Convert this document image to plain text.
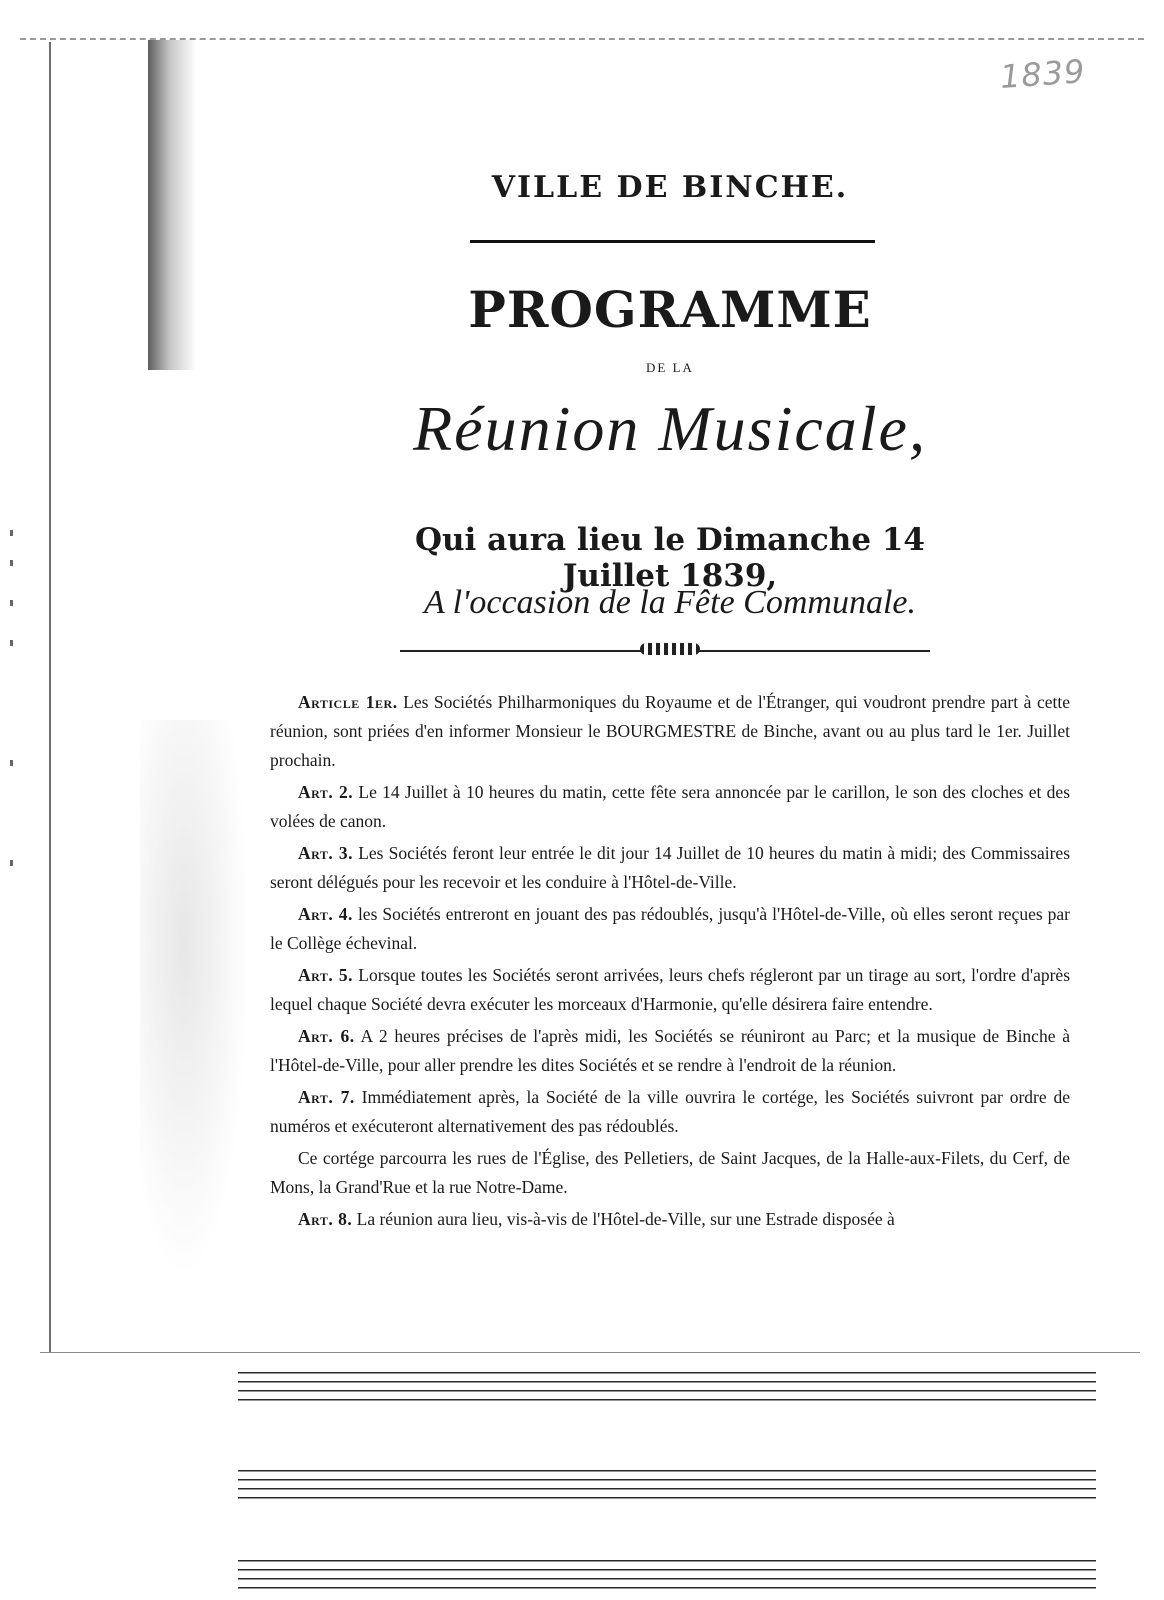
1839
VILLE DE BINCHE.
PROGRAMME
DE LA
Réunion Musicale,
Qui aura lieu le Dimanche 14 Juillet 1839,
A l'occasion de la Fête Communale.

Article 1er. Les Sociétés Philharmoniques du Royaume et de l'Étranger, qui voudront prendre part à cette réunion, sont priées d'en informer Monsieur le BOURGMESTRE de Binche, avant ou au plus tard le 1er. Juillet prochain.

Art. 2. Le 14 Juillet à 10 heures du matin, cette fête sera annoncée par le carillon, le son des cloches et des volées de canon.

Art. 3. Les Sociétés feront leur entrée le dit jour 14 Juillet de 10 heures du matin à midi; des Commissaires seront délégués pour les recevoir et les conduire à l'Hôtel-de-Ville.

Art. 4. les Sociétés entreront en jouant des pas rédoublés, jusqu'à l'Hôtel-de-Ville, où elles seront reçues par le Collège échevinal.

Art. 5. Lorsque toutes les Sociétés seront arrivées, leurs chefs régleront par un tirage au sort, l'ordre d'après lequel chaque Société devra exécuter les morceaux d'Harmonie, qu'elle désirera faire entendre.

Art. 6. A 2 heures précises de l'après midi, les Sociétés se réuniront au Parc; et la musique de Binche à l'Hôtel-de-Ville, pour aller prendre les dites Sociétés et se rendre à l'endroit de la réunion.

Art. 7. Immédiatement après, la Société de la ville ouvrira le cortége, les Sociétés suivront par ordre de numéros et exécuteront alternativement des pas rédoublés.

Ce cortége parcourra les rues de l'Église, des Pelletiers, de Saint Jacques, de la Halle-aux-Filets, du Cerf, de Mons, la Grand'Rue et la rue Notre-Dame.

Art. 8. La réunion aura lieu, vis-à-vis de l'Hôtel-de-Ville, sur une Estrade disposée à
